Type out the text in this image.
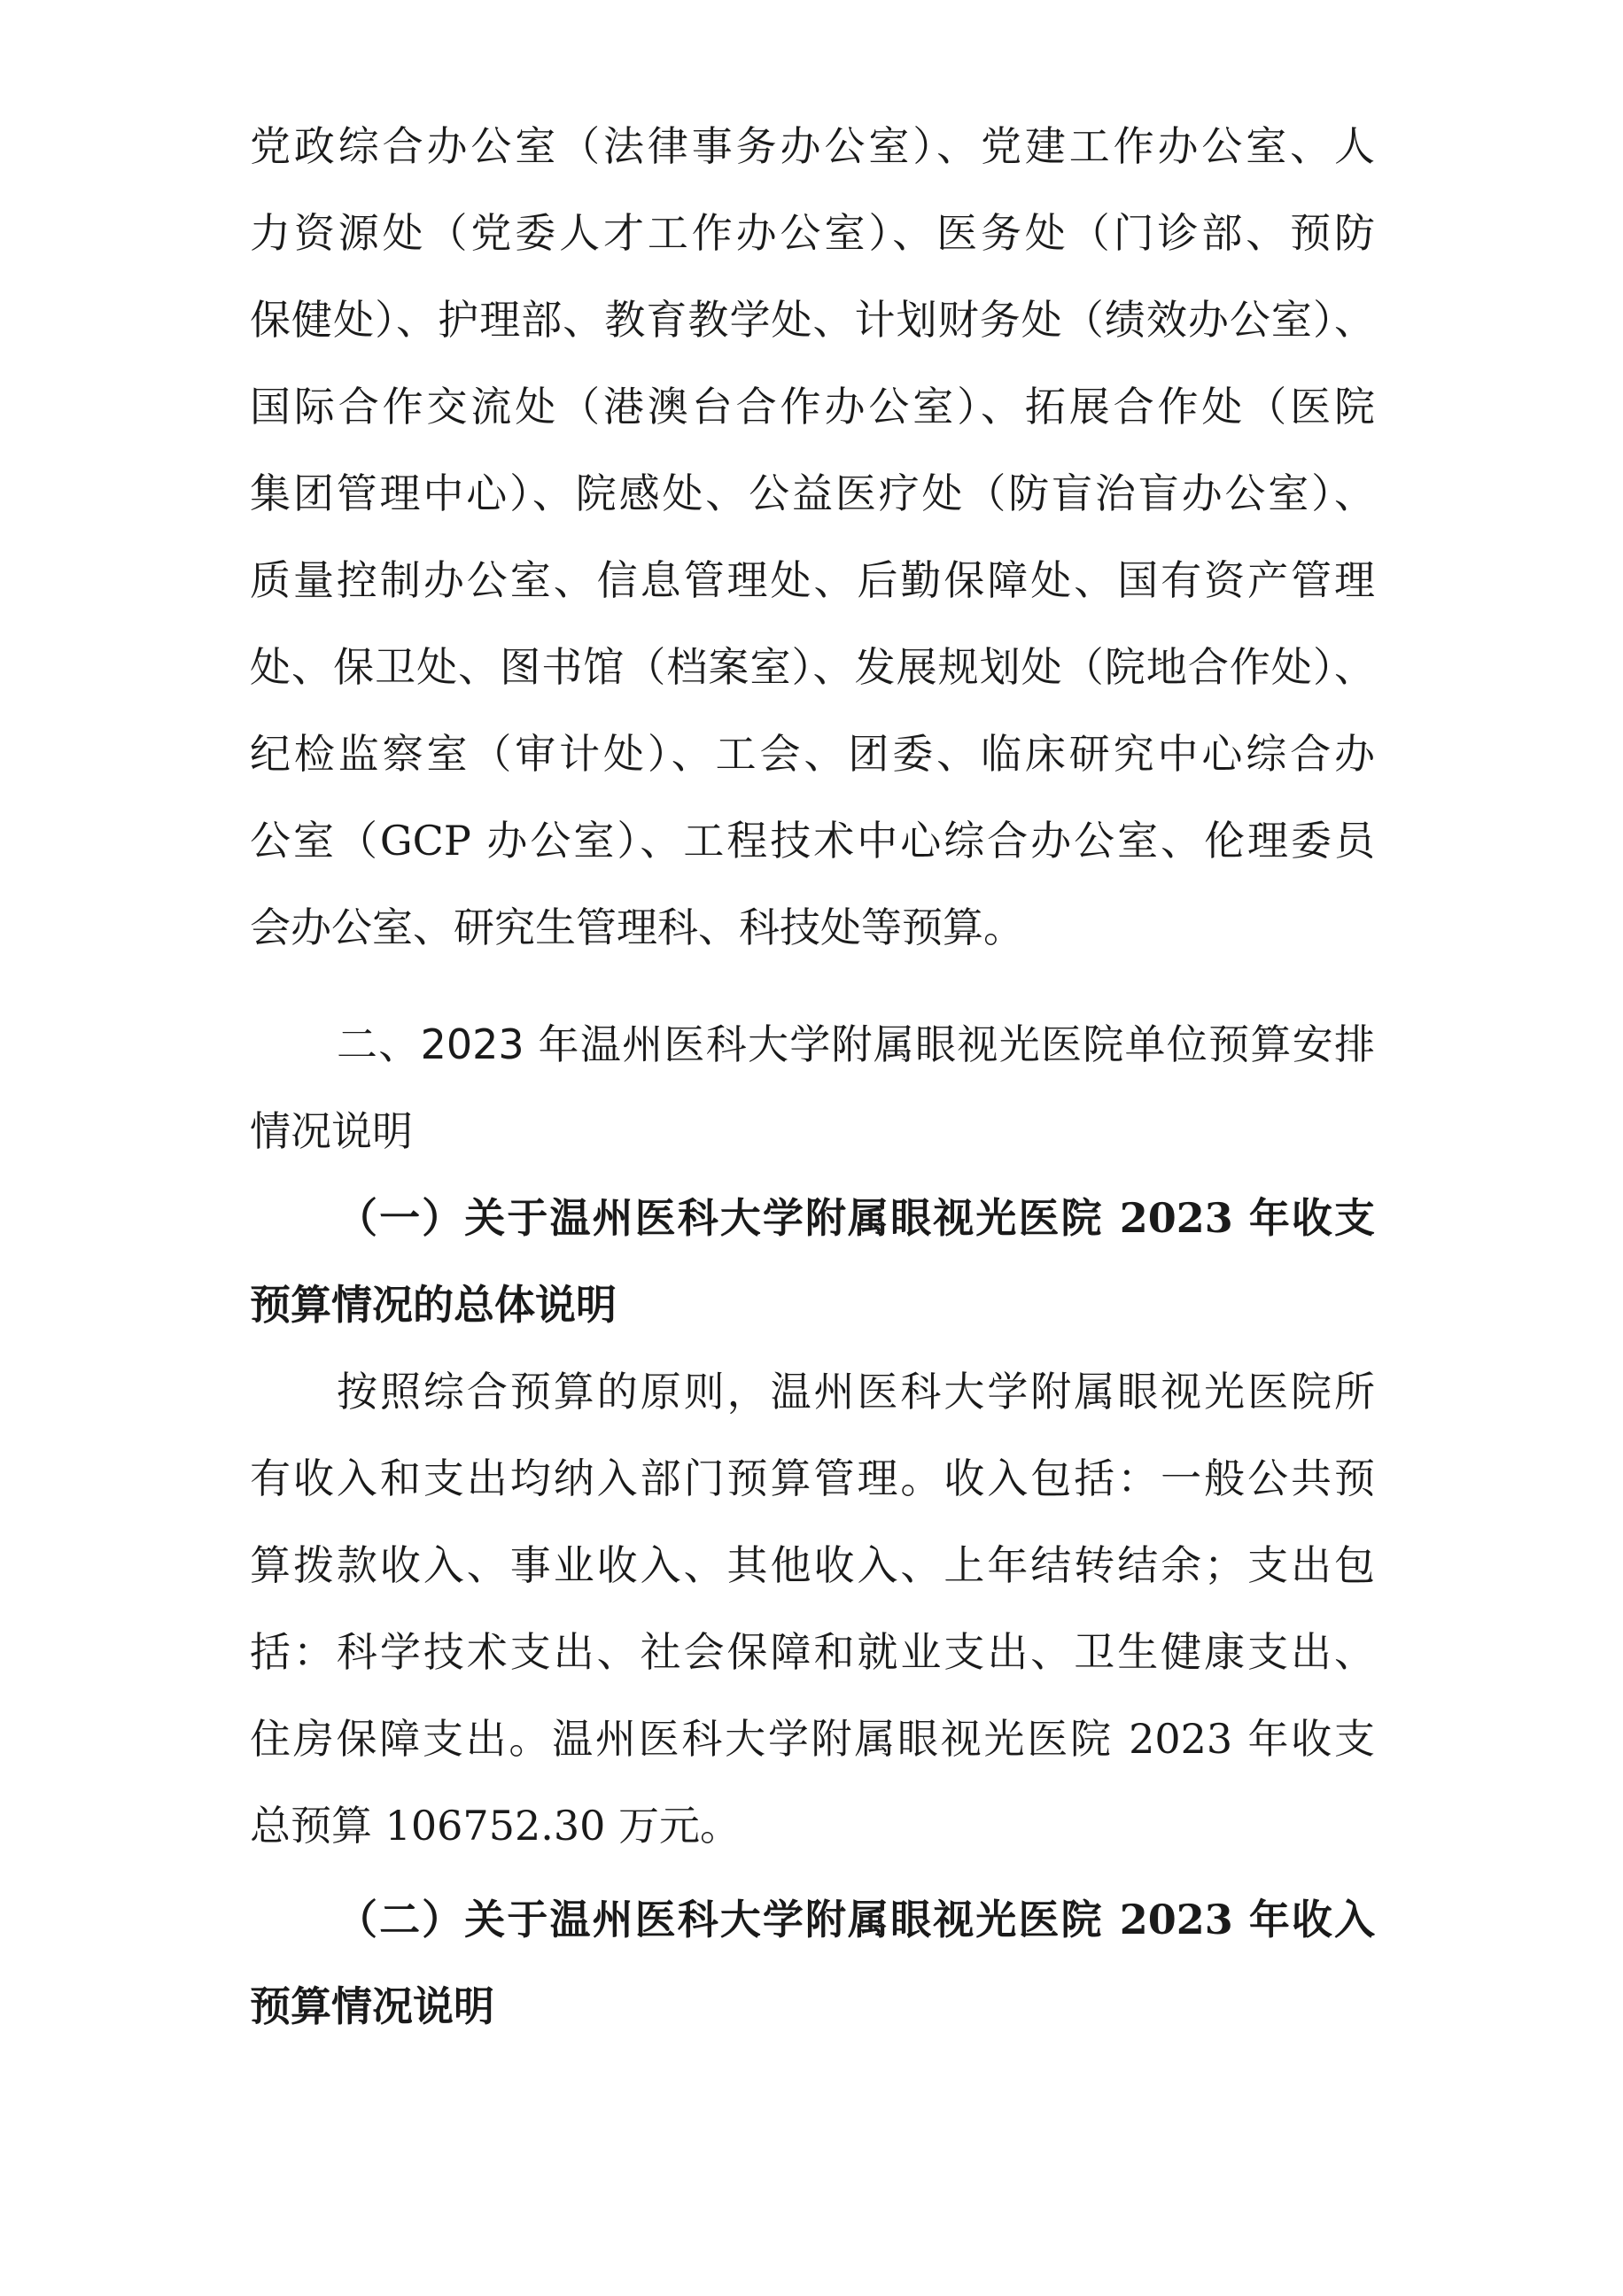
党政综合办公室（法律事务办公室）、党建工作办公室、人
力资源处（党委人才工作办公室）、医务处（门诊部、预防
保健处）、护理部、教育教学处、计划财务处（绩效办公室）、
国际合作交流处（港澳台合作办公室）、拓展合作处（医院
集团管理中心）、院感处、公益医疗处（防盲治盲办公室）、
质量控制办公室、信息管理处、后勤保障处、国有资产管理
处、保卫处、图书馆（档案室）、发展规划处（院地合作处）、
纪检监察室（审计处）、工会、团委、临床研究中心综合办
公室（GCP 办公室）、工程技术中心综合办公室、伦理委员
会办公室、研究生管理科、科技处等预算。
二、2023 年温州医科大学附属眼视光医院单位预算安排
情况说明
（一）关于温州医科大学附属眼视光医院 2023 年收支
预算情况的总体说明
按照综合预算的原则，温州医科大学附属眼视光医院所
有收入和支出均纳入部门预算管理。收入包括：一般公共预
算拨款收入、事业收入、其他收入、上年结转结余；支出包
括：科学技术支出、社会保障和就业支出、卫生健康支出、
住房保障支出。温州医科大学附属眼视光医院 2023 年收支
总预算 106752.30 万元。
（二）关于温州医科大学附属眼视光医院 2023 年收入
预算情况说明
